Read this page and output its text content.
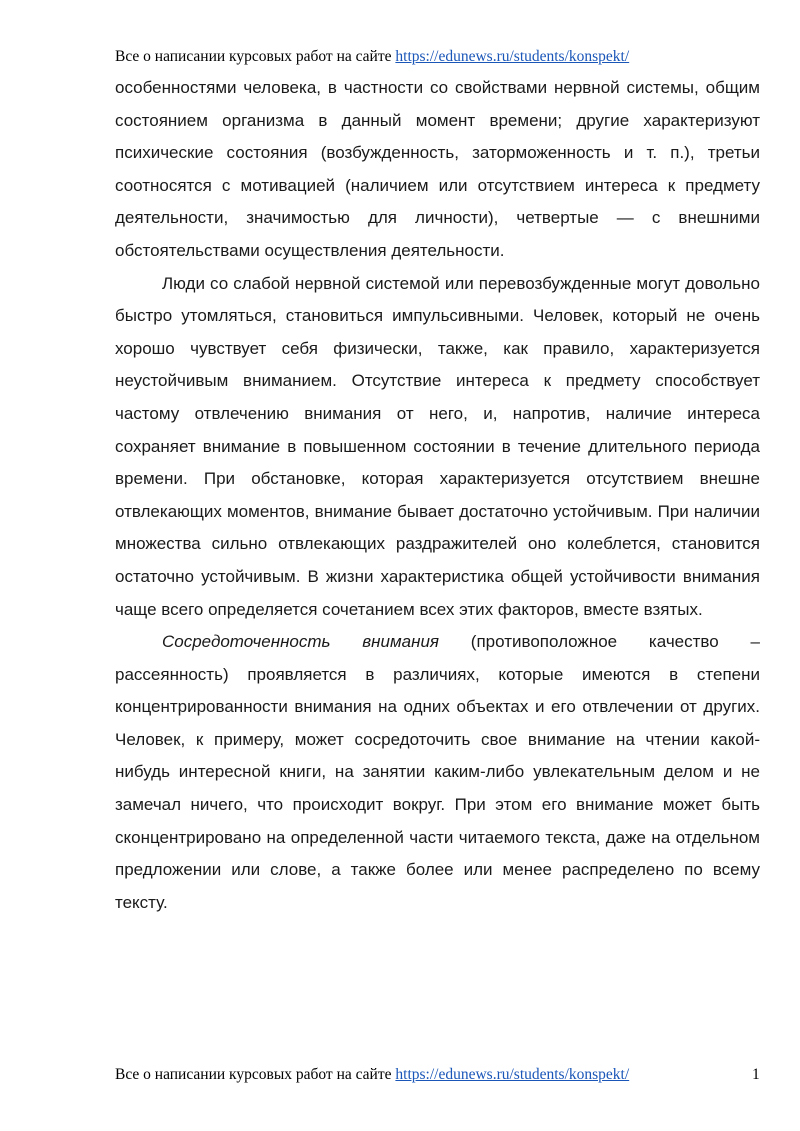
Все о написании курсовых работ на сайте https://edunews.ru/students/konspekt/

особенностями человека, в частности со свойствами нервной системы, общим состоянием организма в данный момент времени; другие характеризуют психические состояния (возбужденность, заторможенность и т. п.), третьи соотносятся с мотивацией (наличием или отсутствием интереса к предмету деятельности, значимостью для личности), четвертые — с внешними обстоятельствами осуществления деятельности.

Люди со слабой нервной системой или перевозбужденные могут довольно быстро утомляться, становиться импульсивными. Человек, который не очень хорошо чувствует себя физически, также, как правило, характеризуется неустойчивым вниманием. Отсутствие интереса к предмету способствует частому отвлечению внимания от него, и, напротив, наличие интереса сохраняет внимание в повышенном состоянии в течение длительного периода времени. При обстановке, которая характеризуется отсутствием внешне отвлекающих моментов, внимание бывает достаточно устойчивым. При наличии множества сильно отвлекающих раздражителей оно колеблется, становится остаточно устойчивым. В жизни характеристика общей устойчивости внимания чаще всего определяется сочетанием всех этих факторов, вместе взятых.

Сосредоточенность внимания (противоположное качество – рассеянность) проявляется в различиях, которые имеются в степени концентрированности внимания на одних объектах и его отвлечении от других. Человек, к примеру, может сосредоточить свое внимание на чтении какой-нибудь интересной книги, на занятии каким-либо увлекательным делом и не замечал ничего, что происходит вокруг. При этом его внимание может быть сконцентрировано на определенной части читаемого текста, даже на отдельном предложении или слове, а также более или менее распределено по всему тексту.

Все о написании курсовых работ на сайте https://edunews.ru/students/konspekt/	1
